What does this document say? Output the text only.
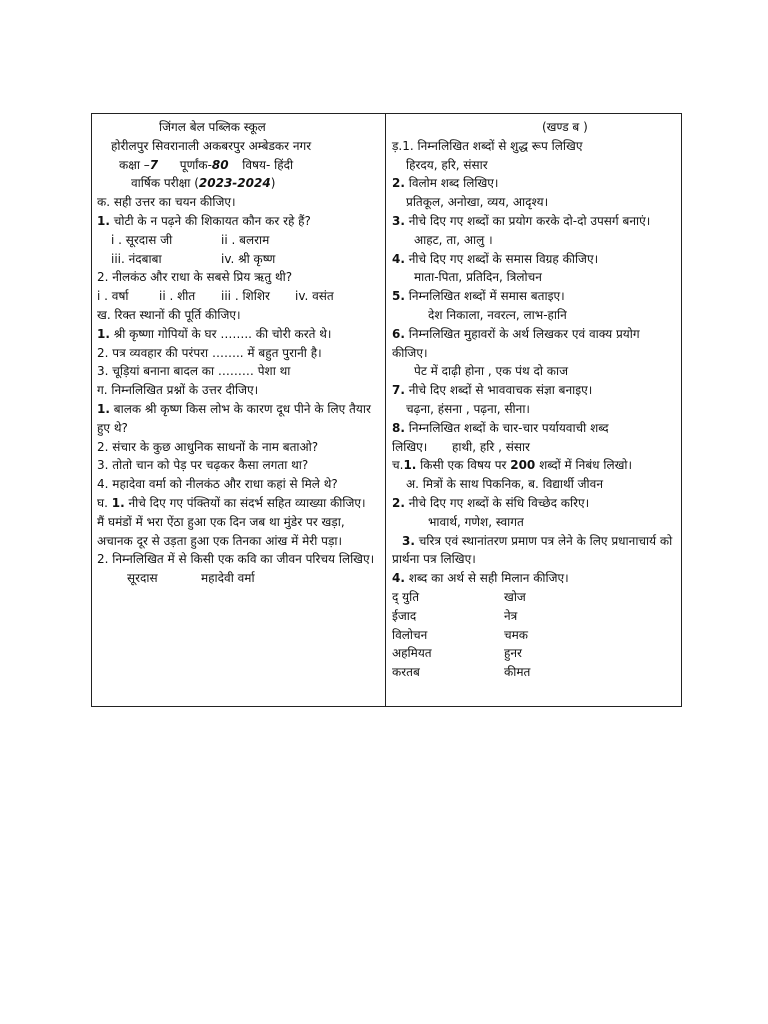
जिंगल बेल पब्लिक स्कूल
होरीलपुर सिवरानाली अकबरपुर अम्बेडकर नगर
कक्षा –7 पूर्णांक-80 विषय- हिंदी
वार्षिक परीक्षा (2023-2024)
क. सही उत्तर का चयन कीजिए।
1. चोटी के न पढ़ने की शिकायत कौन कर रहे हैं?
i . सूरदास जी	ii . बलराम
iii. नंदबाबा	iv. श्री कृष्ण
2. नीलकंठ और राधा के सबसे प्रिय ऋतु थी?
i . वर्षा	ii . शीत iii . शिशिर iv. वसंत
ख. रिक्त स्थानों की पूर्ति कीजिए।
1. श्री कृष्णा गोपियों के घर …….. की चोरी करते थे।
2. पत्र व्यवहार की परंपरा …….. में बहुत पुरानी है।
3. चूड़ियां बनाना बादल का ……… पेशा था
ग. निम्नलिखित प्रश्नों के उत्तर दीजिए।
1. बालक श्री कृष्ण किस लोभ के कारण दूध पीने के लिए तैयार हुए थे?
2. संचार के कुछ आधुनिक साधनों के नाम बताओ?
3. तोतो चान को पेड़ पर चढ़कर कैसा लगता था?
4. महादेवा वर्मा को नीलकंठ और राधा कहां से मिले थे?
घ. 1. नीचे दिए गए पंक्तियों का संदर्भ सहित व्याख्या कीजिए।
मैं घमंडों में भरा ऐंठा हुआ एक दिन जब था मुंडेर पर खड़ा, अचानक दूर से उड़ता हुआ एक तिनका आंख में मेरी पड़ा।
2. निम्नलिखित में से किसी एक कवि का जीवन परिचय लिखिए।
सूरदास	महादेवी वर्मा
(खण्ड ब )
ड़.1. निम्नलिखित शब्दों से शुद्ध रूप लिखिए
हिरदय, हरि, संसार
2. विलोम शब्द लिखिए।
प्रतिकूल, अनोखा, व्यय, आदृश्य।
3. नीचे दिए गए शब्दों का प्रयोग करके दो-दो उपसर्ग बनाएं।
आहट, ता, आलु ।
4. नीचे दिए गए शब्दों के समास विग्रह कीजिए।
माता-पिता, प्रतिदिन, त्रिलोचन
5. निम्नलिखित शब्दों में समास बताइए।
देश निकाला, नवरत्न, लाभ-हानि
6. निम्नलिखित मुहावरों के अर्थ लिखकर एवं वाक्य प्रयोग कीजिए।
पेट में दाढ़ी होना , एक पंथ दो काज
7. नीचे दिए शब्दों से भाववाचक संज्ञा बनाइए।
चढ़ना, हंसना , पढ़ना, सीना।
8. निम्नलिखित शब्दों के चार-चार पर्यायवाची शब्द
लिखिए। हाथी, हरि , संसार
च.1. किसी एक विषय पर 200 शब्दों में निबंध लिखो।
अ. मित्रों के साथ पिकनिक, ब. विद्यार्थी जीवन
2. नीचे दिए गए शब्दों के संधि विच्छेद करिए।
भावार्थ, गणेश, स्वागत
3. चरित्र एवं स्थानांतरण प्रमाण पत्र लेने के लिए प्रधानाचार्य को प्रार्थना पत्र लिखिए।
4. शब्द का अर्थ से सही मिलान कीजिए।
द् युति	खोज
ईजाद	नेत्र
विलोचन	चमक
अहमियत	हुनर
करतब	कीमत
